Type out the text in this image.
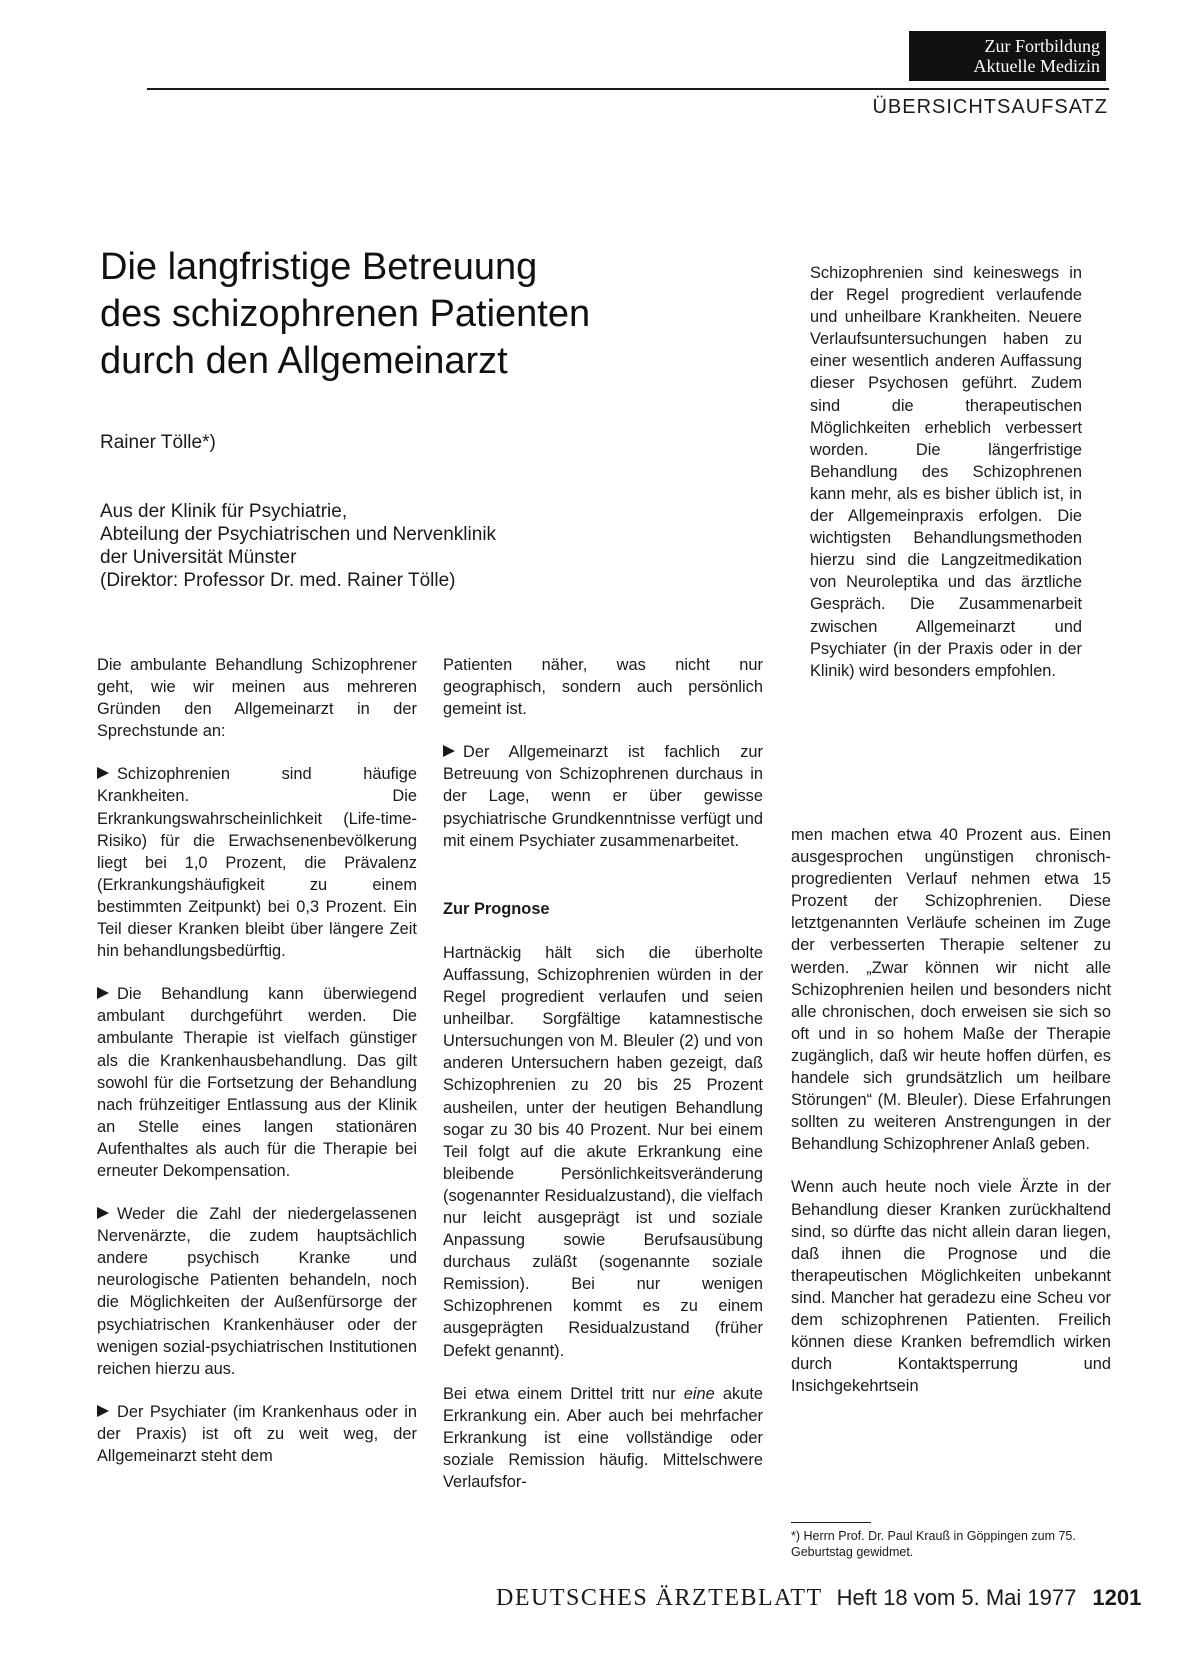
Zur Fortbildung
Aktuelle Medizin
ÜBERSICHTSAUFSATZ
Die langfristige Betreuung
des schizophrenen Patienten
durch den Allgemeinarzt
Rainer Tölle*)
Aus der Klinik für Psychiatrie,
Abteilung der Psychiatrischen und Nervenklinik
der Universität Münster
(Direktor: Professor Dr. med. Rainer Tölle)

Schizophrenien sind keineswegs in der Regel progredient verlaufende und unheilbare Krankheiten. Neuere Verlaufsuntersuchungen haben zu einer wesentlich anderen Auffassung dieser Psychosen geführt. Zudem sind die therapeutischen Möglichkeiten erheblich verbessert worden. Die längerfristige Behandlung des Schizophrenen kann mehr, als es bisher üblich ist, in der Allgemeinpraxis erfolgen. Die wichtigsten Behandlungsmethoden hierzu sind die Langzeitmedikation von Neuroleptika und das ärztliche Gespräch. Die Zusammenarbeit zwischen Allgemeinarzt und Psychiater (in der Praxis oder in der Klinik) wird besonders empfohlen.

Die ambulante Behandlung Schizophrener geht, wie wir meinen aus mehreren Gründen den Allgemeinarzt in der Sprechstunde an:

Schizophrenien sind häufige Krankheiten. Die Erkrankungswahrscheinlichkeit (Life-time-Risiko) für die Erwachsenenbevölkerung liegt bei 1,0 Prozent, die Prävalenz (Erkrankungshäufigkeit zu einem bestimmten Zeitpunkt) bei 0,3 Prozent. Ein Teil dieser Kranken bleibt über längere Zeit hin behandlungsbedürftig.

Die Behandlung kann überwiegend ambulant durchgeführt werden. Die ambulante Therapie ist vielfach günstiger als die Krankenhausbehandlung. Das gilt sowohl für die Fortsetzung der Behandlung nach frühzeitiger Entlassung aus der Klinik an Stelle eines langen stationären Aufenthaltes als auch für die Therapie bei erneuter Dekompensation.

Weder die Zahl der niedergelassenen Nervenärzte, die zudem hauptsächlich andere psychisch Kranke und neurologische Patienten behandeln, noch die Möglichkeiten der Außenfürsorge der psychiatrischen Krankenhäuser oder der wenigen sozial-psychiatrischen Institutionen reichen hierzu aus.

Der Psychiater (im Krankenhaus oder in der Praxis) ist oft zu weit weg, der Allgemeinarzt steht dem

Patienten näher, was nicht nur geographisch, sondern auch persönlich gemeint ist.

Der Allgemeinarzt ist fachlich zur Betreuung von Schizophrenen durchaus in der Lage, wenn er über gewisse psychiatrische Grundkenntnisse verfügt und mit einem Psychiater zusammenarbeitet.

Zur Prognose

Hartnäckig hält sich die überholte Auffassung, Schizophrenien würden in der Regel progredient verlaufen und seien unheilbar. Sorgfältige katamnestische Untersuchungen von M. Bleuler (2) und von anderen Untersuchern haben gezeigt, daß Schizophrenien zu 20 bis 25 Prozent ausheilen, unter der heutigen Behandlung sogar zu 30 bis 40 Prozent. Nur bei einem Teil folgt auf die akute Erkrankung eine bleibende Persönlichkeitsveränderung (sogenannter Residualzustand), die vielfach nur leicht ausgeprägt ist und soziale Anpassung sowie Berufsausübung durchaus zuläßt (sogenannte soziale Remission). Bei nur wenigen Schizophrenen kommt es zu einem ausgeprägten Residualzustand (früher Defekt genannt).

Bei etwa einem Drittel tritt nur eine akute Erkrankung ein. Aber auch bei mehrfacher Erkrankung ist eine vollständige oder soziale Remission häufig. Mittelschwere Verlaufsfor-

men machen etwa 40 Prozent aus. Einen ausgesprochen ungünstigen chronisch-progredienten Verlauf nehmen etwa 15 Prozent der Schizophrenien. Diese letztgenannten Verläufe scheinen im Zuge der verbesserten Therapie seltener zu werden. „Zwar können wir nicht alle Schizophrenien heilen und besonders nicht alle chronischen, doch erweisen sie sich so oft und in so hohem Maße der Therapie zugänglich, daß wir heute hoffen dürfen, es handele sich grundsätzlich um heilbare Störungen“ (M. Bleuler). Diese Erfahrungen sollten zu weiteren Anstrengungen in der Behandlung Schizophrener Anlaß geben.

Wenn auch heute noch viele Ärzte in der Behandlung dieser Kranken zurückhaltend sind, so dürfte das nicht allein daran liegen, daß ihnen die Prognose und die therapeutischen Möglichkeiten unbekannt sind. Mancher hat geradezu eine Scheu vor dem schizophrenen Patienten. Freilich können diese Kranken befremdlich wirken durch Kontaktsperrung und Insichgekehrtsein

*) Herrn Prof. Dr. Paul Krauß in Göppingen zum 75. Geburtstag gewidmet.
DEUTSCHES ÄRZTEBLATT Heft 18 vom 5. Mai 1977 1201
